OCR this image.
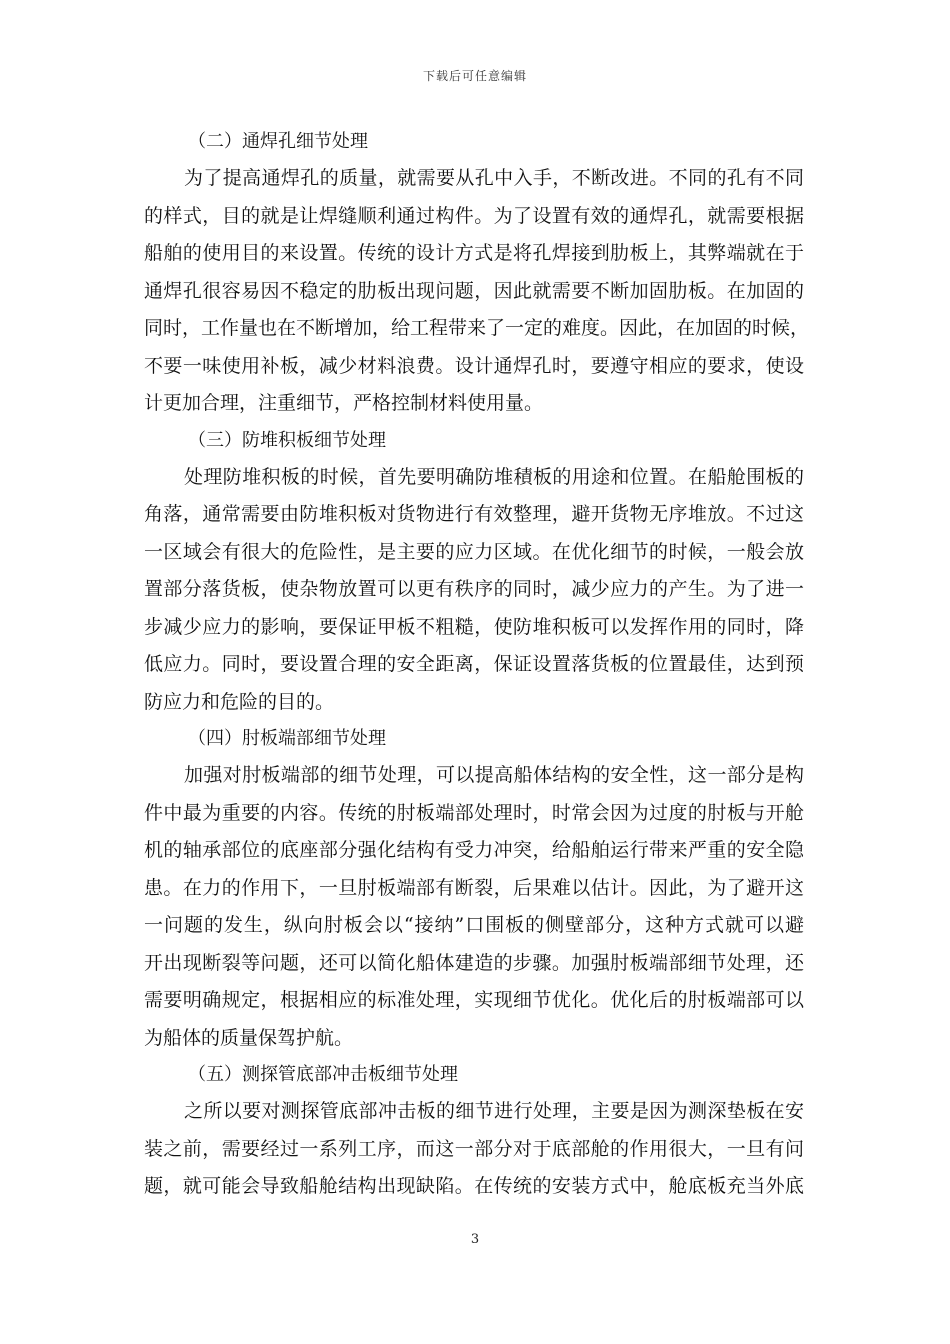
下载后可任意编辑
（二）通焊孔细节处理
为了提高通焊孔的质量，就需要从孔中入手，不断改进。不同的孔有不同
的样式，目的就是让焊缝顺利通过构件。为了设置有效的通焊孔，就需要根据
船舶的使用目的来设置。传统的设计方式是将孔焊接到肋板上，其弊端就在于
通焊孔很容易因不稳定的肋板出现问题，因此就需要不断加固肋板。在加固的
同时，工作量也在不断增加，给工程带来了一定的难度。因此，在加固的时候，
不要一味使用补板，减少材料浪费。设计通焊孔时，要遵守相应的要求，使设
计更加合理，注重细节，严格控制材料使用量。
（三）防堆积板细节处理
处理防堆积板的时候，首先要明确防堆積板的用途和位置。在船舱围板的
角落，通常需要由防堆积板对货物进行有效整理，避开货物无序堆放。不过这
一区域会有很大的危险性，是主要的应力区域。在优化细节的时候，一般会放
置部分落货板，使杂物放置可以更有秩序的同时，减少应力的产生。为了进一
步减少应力的影响，要保证甲板不粗糙，使防堆积板可以发挥作用的同时，降
低应力。同时，要设置合理的安全距离，保证设置落货板的位置最佳，达到预
防应力和危险的目的。
（四）肘板端部细节处理
加强对肘板端部的细节处理，可以提高船体结构的安全性，这一部分是构
件中最为重要的内容。传统的肘板端部处理时，时常会因为过度的肘板与开舱
机的轴承部位的底座部分强化结构有受力冲突，给船舶运行带来严重的安全隐
患。在力的作用下，一旦肘板端部有断裂，后果难以估计。因此，为了避开这
一问题的发生，纵向肘板会以“接纳”口围板的侧壁部分，这种方式就可以避
开出现断裂等问题，还可以简化船体建造的步骤。加强肘板端部细节处理，还
需要明确规定，根据相应的标准处理，实现细节优化。优化后的肘板端部可以
为船体的质量保驾护航。
（五）测探管底部冲击板细节处理
之所以要对测探管底部冲击板的细节进行处理，主要是因为测深垫板在安
装之前，需要经过一系列工序，而这一部分对于底部舱的作用很大，一旦有问
题，就可能会导致船舱结构出现缺陷。在传统的安装方式中，舱底板充当外底
3
